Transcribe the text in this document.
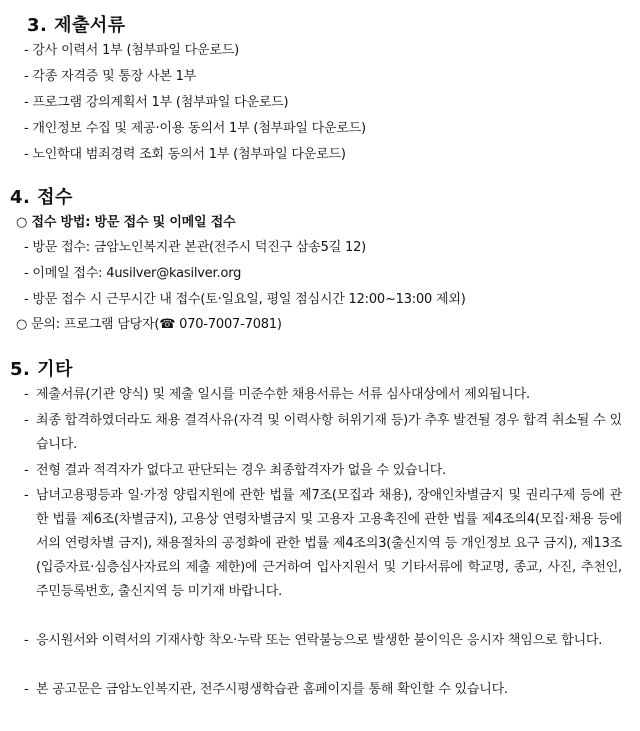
3. 제출서류
- 강사 이력서 1부 (첨부파일 다운로드)
- 각종 자격증 및 통장 사본 1부
- 프로그램 강의계획서 1부 (첨부파일 다운로드)
- 개인정보 수집 및 제공·이용 동의서 1부 (첨부파일 다운로드)
- 노인학대 범죄경력 조회 동의서 1부 (첨부파일 다운로드)
4. 접수
○ 접수 방법: 방문 접수 및 이메일 접수
- 방문 접수: 금암노인복지관 본관(전주시 덕진구 삼송5길 12)
- 이메일 접수: 4usilver@kasilver.org
- 방문 접수 시 근무시간 내 접수(토·일요일, 평일 점심시간 12:00~13:00 제외)
○ 문의: 프로그램 담당자(☎ 070-7007-7081)
5. 기타
- 제출서류(기관 양식) 및 제출 일시를 미준수한 채용서류는 서류 심사대상에서 제외됩니다.
- 최종 합격하였더라도 채용 결격사유(자격 및 이력사항 허위기재 등)가 추후 발견될 경우 합격 취소될 수 있습니다.
- 전형 결과 적격자가 없다고 판단되는 경우 최종합격자가 없을 수 있습니다.
- 남녀고용평등과 일·가정 양립지원에 관한 법률 제7조(모집과 채용), 장애인차별금지 및 권리구제 등에 관한 법률 제6조(차별금지), 고용상 연령차별금지 및 고용자 고용촉진에 관한 법률 제4조의4(모집·채용 등에서의 연령차별 금지), 채용절차의 공정화에 관한 법률 제4조의3(출신지역 등 개인정보 요구 금지), 제13조(입증자료·심층심사자료의 제출 제한)에 근거하여 입사지원서 및 기타서류에 학교명, 종교, 사진, 추천인, 주민등록번호, 출신지역 등 미기재 바랍니다.
- 응시원서와 이력서의 기재사항 착오·누락 또는 연락불능으로 발생한 불이익은 응시자 책임으로 합니다.
- 본 공고문은 금암노인복지관, 전주시평생학습관 홈페이지를 통해 확인할 수 있습니다.
